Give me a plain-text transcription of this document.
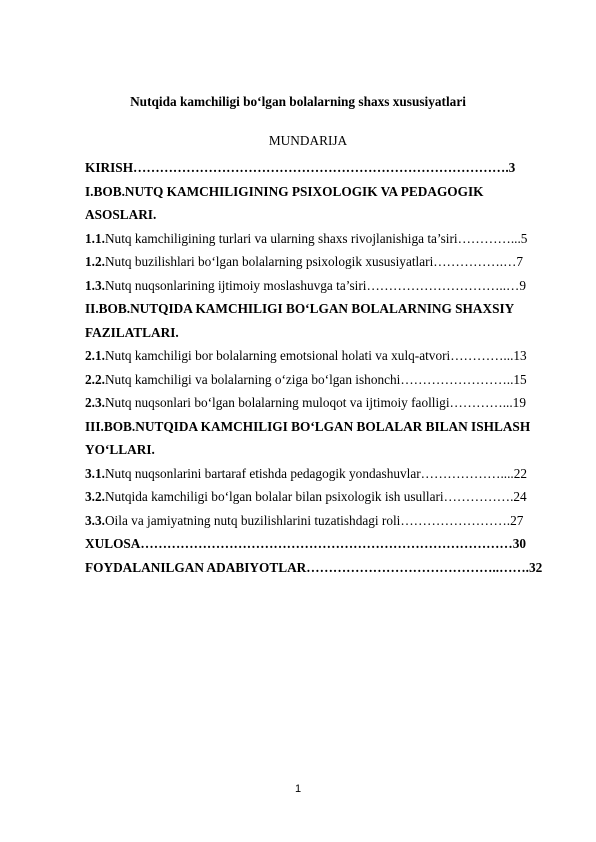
Nutqida kamchiligi bo‘lgan bolalarning shaxs xususiyatlari
MUNDARIJA
KIRISH………………………………………………………………………….3
I.BOB.NUTQ KAMCHILIGINING PSIXOLOGIK VA PEDAGOGIK ASOSLARI.
1.1.Nutq kamchiligining turlari va ularning shaxs rivojlanishiga ta’siri…………...5
1.2.Nutq buzilishlari bo‘lgan bolalarning psixologik xususiyatlari…………….…7
1.3.Nutq nuqsonlarining ijtimoiy moslashuvga ta’siri…………………………..…9
II.BOB.NUTQIDA KAMCHILIGI BO‘LGAN BOLALARNING SHAXSIY FAZILATLARI.
2.1.Nutq kamchiligi bor bolalarning emotsional holati va xulq-atvori…………...13
2.2.Nutq kamchiligi va bolalarning o‘ziga bo‘lgan ishonchi……………………..15
2.3.Nutq nuqsonlari bo‘lgan bolalarning muloqot va ijtimoiy faolligi…………...19
III.BOB.NUTQIDA KAMCHILIGI BO‘LGAN BOLALAR BILAN ISHLASH YO‘LLARI.
3.1.Nutq nuqsonlarini bartaraf etishda pedagogik yondashuvlar………………....22
3.2.Nutqida kamchiligi bo‘lgan bolalar bilan psixologik ish usullari…………….24
3.3.Oila va jamiyatning nutq buzilishlarini tuzatishdagi roli…………………….27
XULOSA…………………………………………………………………………30
FOYDALANILGAN ADABIYOTLAR……………………………………..…….32
1
